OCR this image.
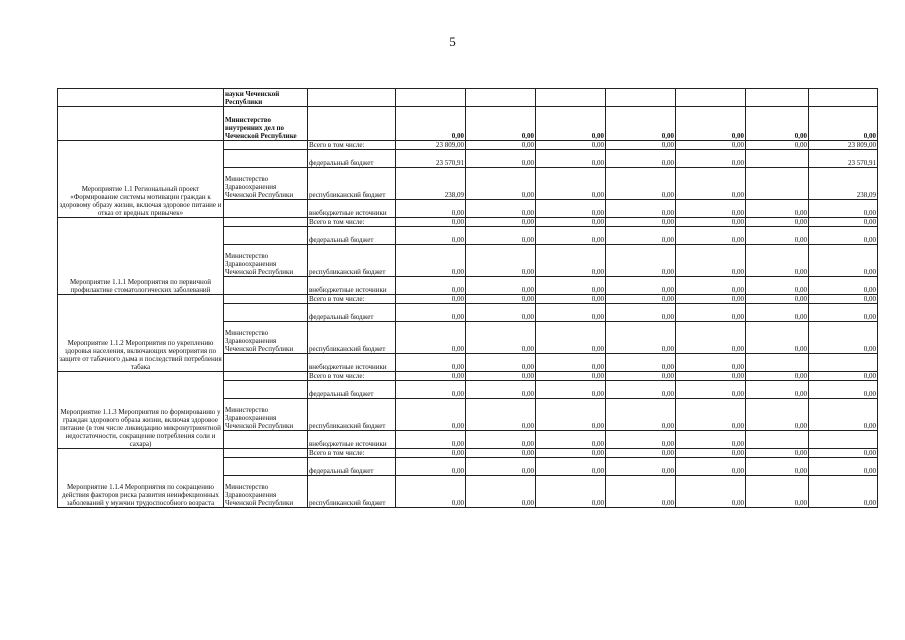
5
	науки Чеченской Республики								
	Министерство внутренних дел по Чеченской Республике		0,00	0,00	0,00	0,00	0,00	0,00	0,00
Мероприятие 1.1 Региональный проект «Формирование системы мотивации граждан к здоровому образу жизни, включая здоровое питание и отказ от вредных привычек»		Всего в том числе:	23 809,00	0,00	0,00	0,00	0,00	0,00	23 809,00
		федеральный бюджет	23 570,91	0,00	0,00	0,00	0,00		23 570,91
	Министерство Здравоохранения Чеченской Республики	республиканский бюджет	238,09	0,00	0,00	0,00	0,00		238,09
		внебюджетные источники	0,00	0,00	0,00	0,00	0,00	0,00	0,00
Мероприятие 1.1.1 Мероприятия по первичной профилактике стоматологических заболеваний		Всего в том числе:	0,00	0,00	0,00	0,00	0,00	0,00	0,00
		федеральный бюджет	0,00	0,00	0,00	0,00	0,00	0,00	0,00
	Министерство Здравоохранения Чеченской Республики	республиканский бюджет	0,00	0,00	0,00	0,00	0,00	0,00	0,00
		внебюджетные источники	0,00	0,00	0,00	0,00	0,00	0,00	0,00
Мероприятие 1.1.2 Мероприятия по укреплению здоровья населения, включающих мероприятия по защите от табачного дыма и последствий потребления табака		Всего в том числе:	0,00	0,00	0,00	0,00	0,00	0,00	0,00
		федеральный бюджет	0,00	0,00	0,00	0,00	0,00	0,00	0,00
	Министерство Здравоохранения Чеченской Республики	республиканский бюджет	0,00	0,00	0,00	0,00	0,00	0,00	0,00
		внебюджетные источники	0,00	0,00	0,00	0,00	0,00		
Мероприятие 1.1.3 Мероприятия по формированию у граждан здорового образа жизни, включая здоровое питание (в том числе ликвидацию микронутриентной недостаточности, сокращение потребления соли и сахара)		Всего в том числе:	0,00	0,00	0,00	0,00	0,00	0,00	0,00
		федеральный бюджет	0,00	0,00	0,00	0,00	0,00	0,00	0,00
	Министерство Здравоохранения Чеченской Республики	республиканский бюджет	0,00	0,00	0,00	0,00	0,00	0,00	0,00
		внебюджетные источники	0,00	0,00	0,00	0,00	0,00		
Мероприятие 1.1.4 Мероприятия по сокращению действия факторов риска развития неинфекционных заболеваний у мужчин трудоспособного возраста		Всего в том числе:	0,00	0,00	0,00	0,00	0,00	0,00	0,00
		федеральный бюджет	0,00	0,00	0,00	0,00	0,00	0,00	0,00
	Министерство Здравоохранения Чеченской Республики	республиканский бюджет	0,00	0,00	0,00	0,00	0,00	0,00	0,00
